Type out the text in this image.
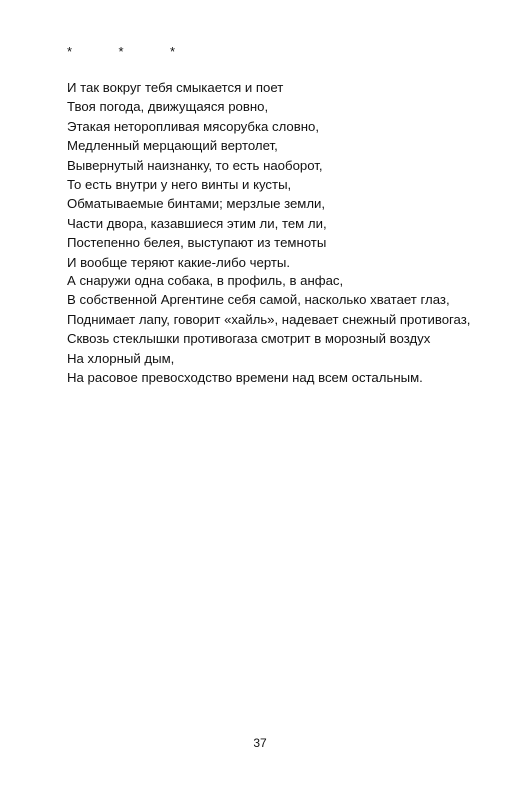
*    *    *
И так вокруг тебя смыкается и поет
Твоя погода, движущаяся ровно,
Этакая неторопливая мясорубка словно,
Медленный мерцающий вертолет,
Вывернутый наизнанку, то есть наоборот,
То есть внутри у него винты и кусты,
Обматываемые бинтами; мерзлые земли,
Части двора, казавшиеся этим ли, тем ли,
Постепенно белея, выступают из темноты
И вообще теряют какие-либо черты.
А снаружи одна собака, в профиль, в анфас,
В собственной Аргентине себя самой, насколько хватает глаз,
Поднимает лапу, говорит «хайль», надевает снежный противогаз,
Сквозь стеклышки противогаза смотрит в морозный воздух
На хлорный дым,
На расовое превосходство времени над всем остальным.
37
